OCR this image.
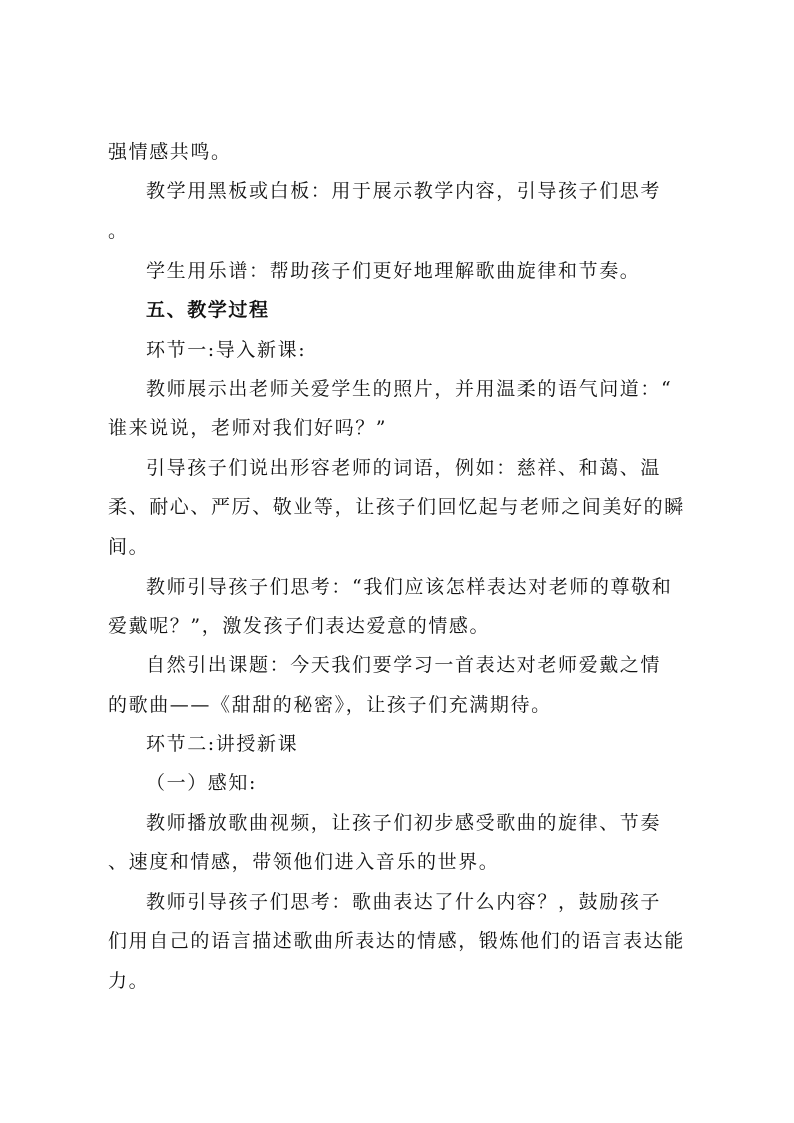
强情感共鸣。
教学用黑板或白板：用于展示教学内容，引导孩子们思考
。
学生用乐谱：帮助孩子们更好地理解歌曲旋律和节奏。
五、教学过程
环节一:导入新课:
教师展示出老师关爱学生的照片，并用温柔的语气问道：“
谁来说说，老师对我们好吗？”
引导孩子们说出形容老师的词语，例如：慈祥、和蔼、温
柔、耐心、严厉、敬业等，让孩子们回忆起与老师之间美好的瞬
间。
教师引导孩子们思考：“我们应该怎样表达对老师的尊敬和
爱戴呢？”，激发孩子们表达爱意的情感。
自然引出课题：今天我们要学习一首表达对老师爱戴之情
的歌曲——《甜甜的秘密》，让孩子们充满期待。
环节二:讲授新课
（一）感知:
教师播放歌曲视频，让孩子们初步感受歌曲的旋律、节奏
、速度和情感，带领他们进入音乐的世界。
教师引导孩子们思考：歌曲表达了什么内容？，鼓励孩子
们用自己的语言描述歌曲所表达的情感，锻炼他们的语言表达能
力。
